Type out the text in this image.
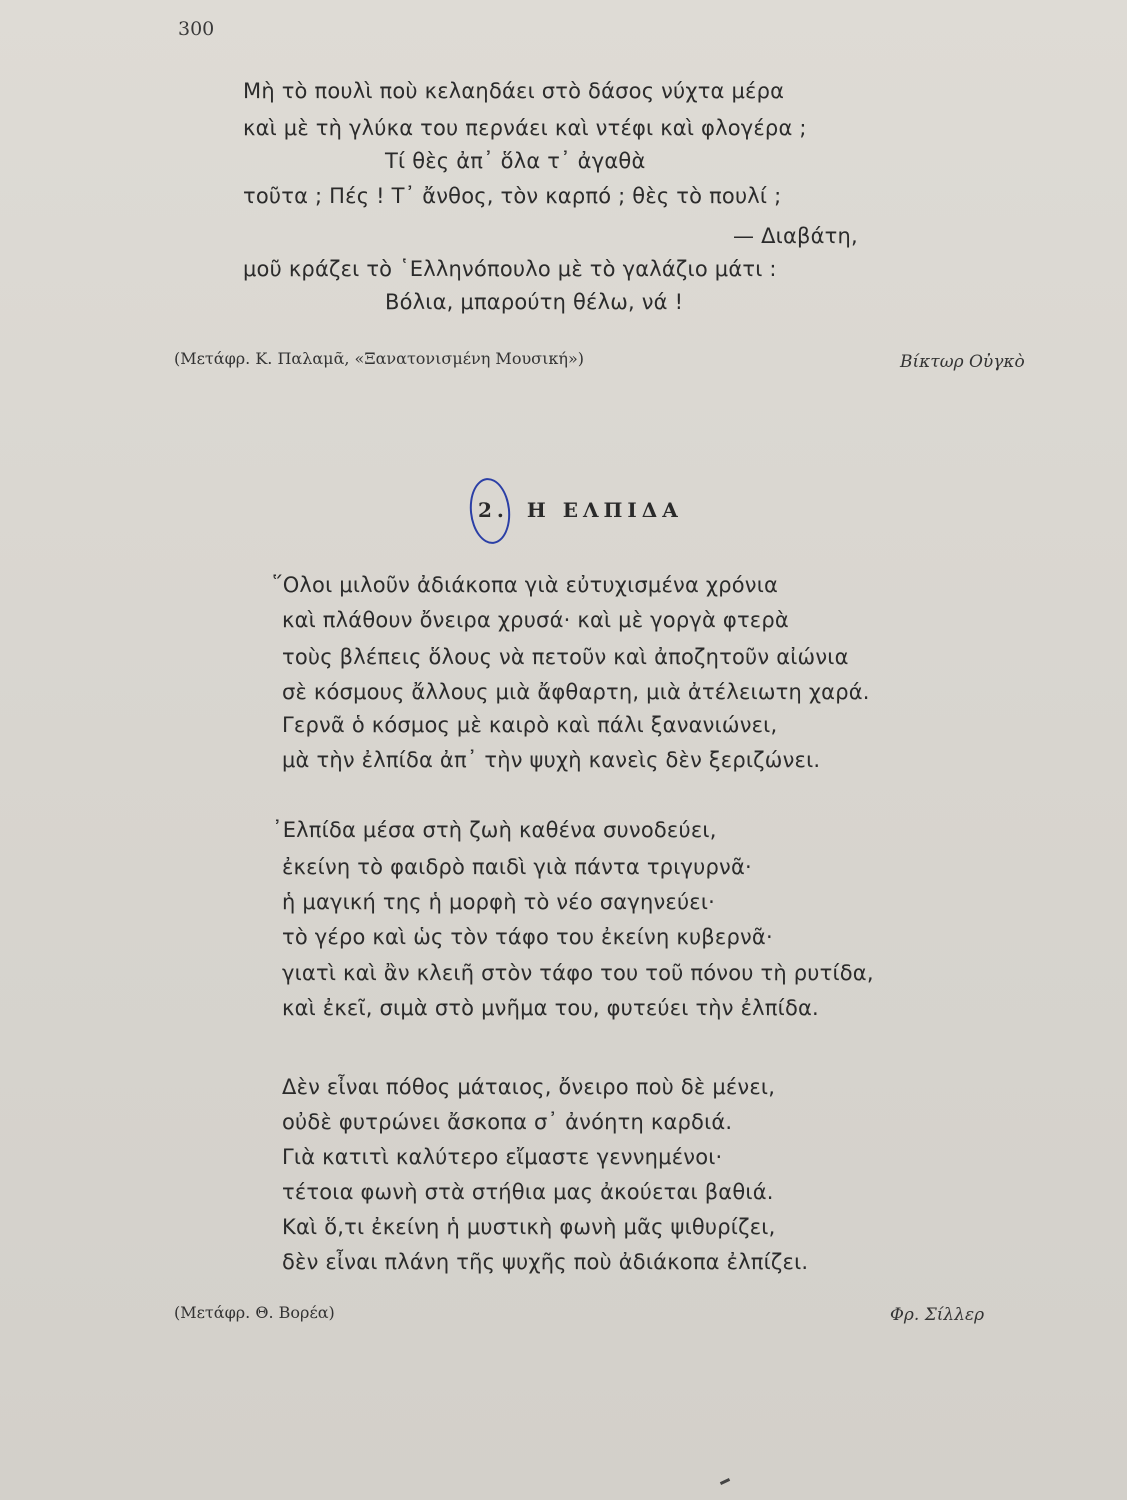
300
Μὴ τὸ πουλὶ ποὺ κελαηδάει στὸ δάσος νύχτα μέρα
καὶ μὲ τὴ γλύκα του περνάει καὶ ντέφι καὶ φλογέρα ;
Τί θὲς ἀπ᾿ ὅλα τ᾿ ἀγαθὰ
τοῦτα ; Πές ! Τ᾿ ἄνθος, τὸν καρπό ; θὲς τὸ πουλί ;
— Διαβάτη,
μοῦ κράζει τὸ ῾Ελληνόπουλο μὲ τὸ γαλάζιο μάτι :
Βόλια, μπαρούτη θέλω, νά !
(Μετάφρ. Κ. Παλαμᾶ, «Ξανατονισμένη Μουσική»)	Βίκτωρ Οὐγκὸ
2. Η ΕΛΠΙΔΑ
῞Ολοι μιλοῦν ἀδιάκοπα γιὰ εὐτυχισμένα χρόνια
καὶ πλάθουν ὄνειρα χρυσά· καὶ μὲ γοργὰ φτερὰ
τοὺς βλέπεις ὅλους νὰ πετοῦν καὶ ἀποζητοῦν αἰώνια
σὲ κόσμους ἄλλους μιὰ ἄφθαρτη, μιὰ ἀτέλειωτη χαρά.
Γερνᾶ ὁ κόσμος μὲ καιρὸ καὶ πάλι ξανανιώνει,
μὰ τὴν ἐλπίδα ἀπ᾿ τὴν ψυχὴ κανεὶς δὲν ξεριζώνει.
᾿Ελπίδα μέσα στὴ ζωὴ καθένα συνοδεύει,
ἐκείνη τὸ φαιδρὸ παιδὶ γιὰ πάντα τριγυρνᾶ·
ἡ μαγική της ἡ μορφὴ τὸ νέο σαγηνεύει·
τὸ γέρο καὶ ὡς τὸν τάφο του ἐκείνη κυβερνᾶ·
γιατὶ καὶ ἂν κλειῆ στὸν τάφο του τοῦ πόνου τὴ ρυτίδα,
καὶ ἐκεῖ, σιμὰ στὸ μνῆμα του, φυτεύει τὴν ἐλπίδα.
Δὲν εἶναι πόθος μάταιος, ὄνειρο ποὺ δὲ μένει,
οὐδὲ φυτρώνει ἄσκοπα σ᾿ ἀνόητη καρδιά.
Γιὰ κατιτὶ καλύτερο εἴμαστε γεννημένοι·
τέτοια φωνὴ στὰ στήθια μας ἀκούεται βαθιά.
Καὶ ὅ,τι ἐκείνη ἡ μυστικὴ φωνὴ μᾶς ψιθυρίζει,
δὲν εἶναι πλάνη τῆς ψυχῆς ποὺ ἀδιάκοπα ἐλπίζει.
(Μετάφρ. Θ. Βορέα)	Φρ. Σίλλερ
